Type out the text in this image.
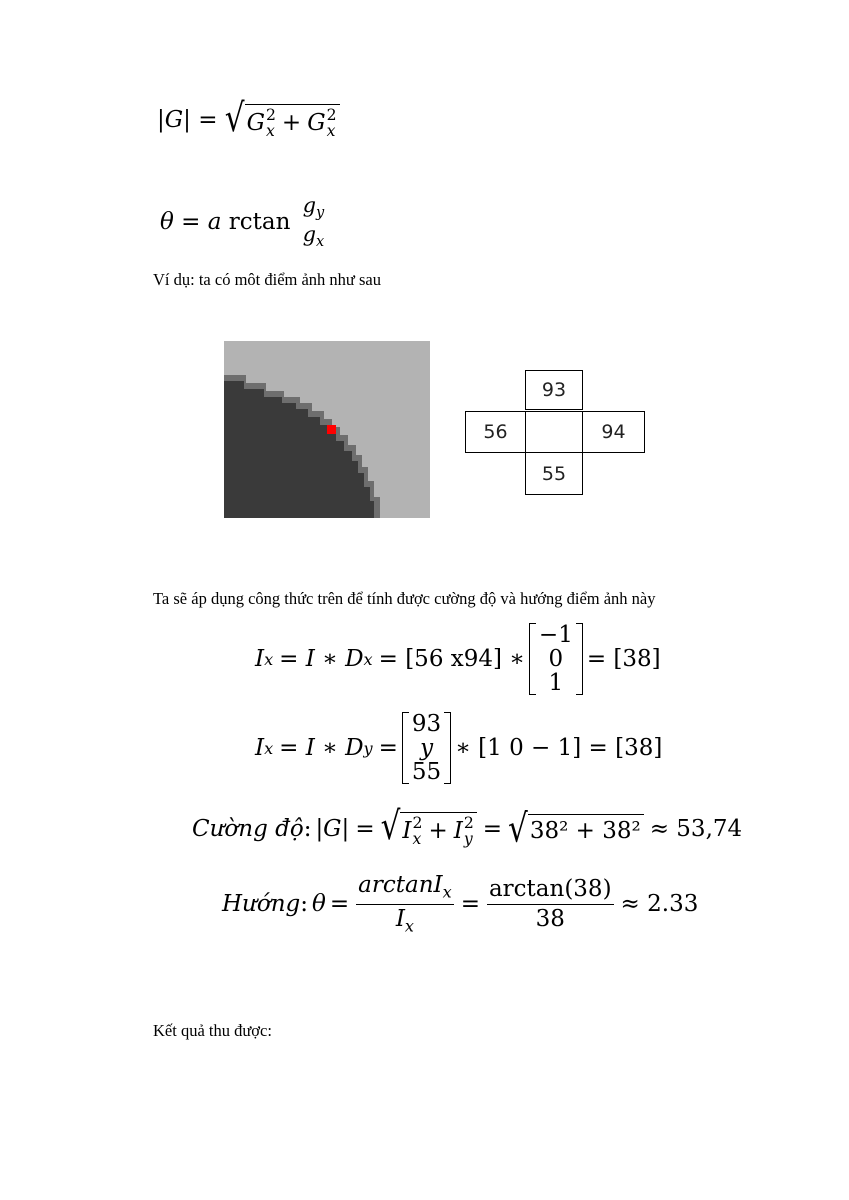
|G| = √ G 2
x + G 2
x
θ = a rctan
$g_y$
$g_x$
Ví dụ: ta có môt điểm ảnh như sau
93
56	94
55
Ta sẽ áp dụng công thức trên để tính được cường độ và hướng điểm ảnh này
I x = I ∗ D x = [56 x94] ∗
−1
0
1
= [38]
I x = I ∗ D y =
93
y
55
∗ [1 0 − 1] = [38]
Cường độ : |G| = √ I 2
x + I 2
y = √ 38² + 38² ≈ 53,74
Hướng : $\theta = \frac{\arctan I_x}{I_x} = \frac{\arctan(38)}{38} \approx 2.33$
Kết quả thu được:
